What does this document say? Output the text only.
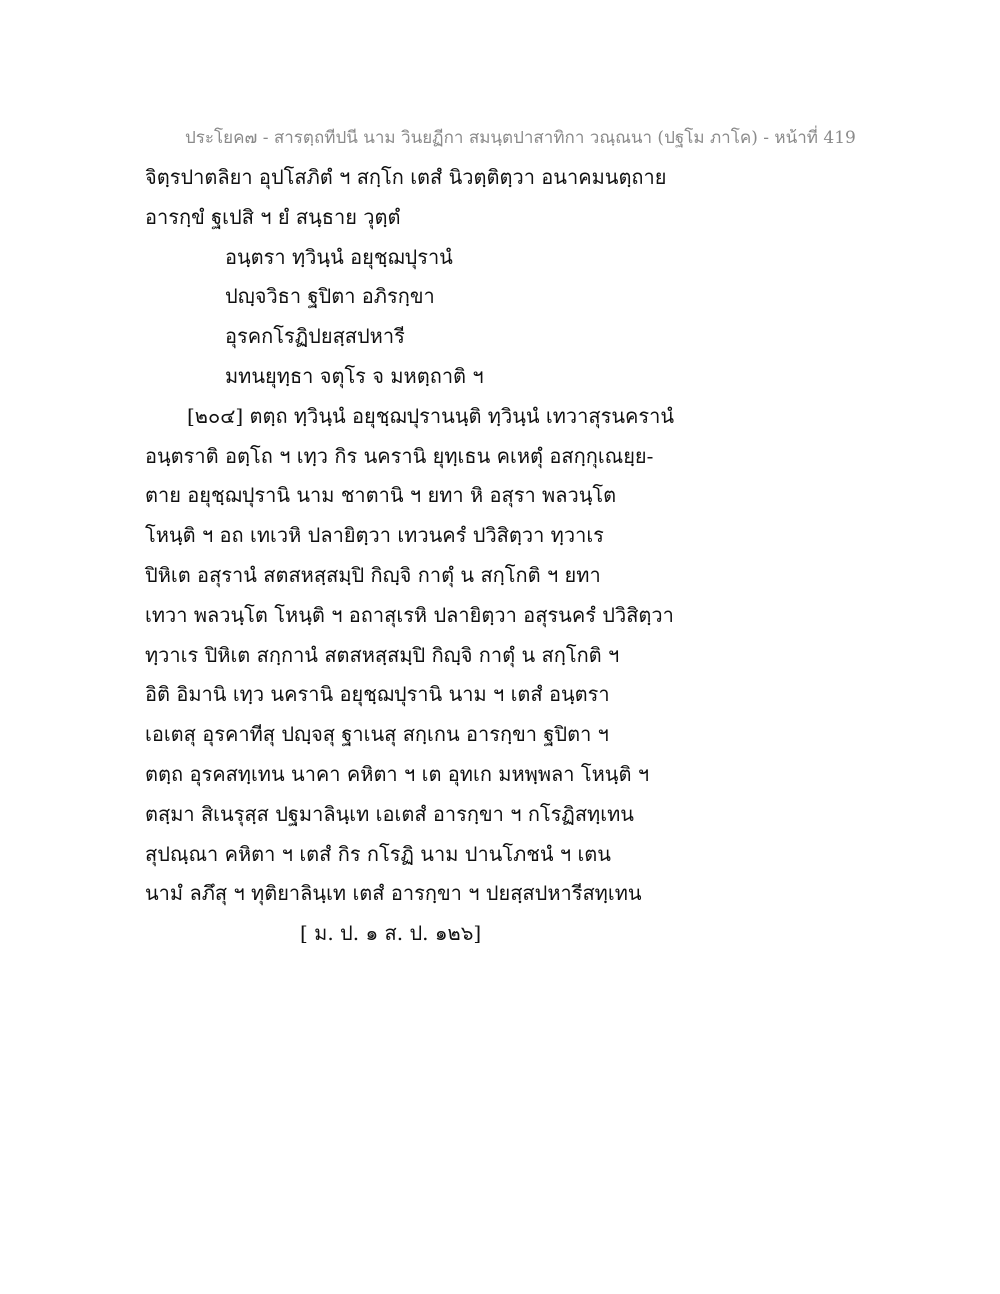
ประโยค๗ - สารตฺถทีปนี นาม วินยฏีกา สมนฺตปาสาทิกา วณฺณนา (ปฐโม ภาโค) - หน้าที่ 419
จิตฺรปาตลิยา อุปโสภิตํ ฯ สกฺโก เตสํ นิวตฺติตฺวา อนาคมนตฺถาย
อารกฺขํ ฐเปสิ ฯ ยํ สนฺธาย วุตฺตํ
อนฺตรา ทฺวินฺนํ อยุชฺฌปุรานํ
ปญฺจวิธา ฐปิตา อภิรกฺขา
อุรคกโรฏิปยสฺสปหารี
มทนยุทฺธา จตุโร จ มหตฺถาติ ฯ
[๒๐๔] ตตฺถ ทฺวินฺนํ อยุชฺฌปุรานนฺติ ทฺวินฺนํ เทวาสุรนครานํ
อนฺตราติ อตฺโถ ฯ เทฺว กิร นครานิ ยุทฺเธน คเหตุํ อสกฺกุเณยฺย-
ตาย อยุชฺฌปุรานิ นาม ชาตานิ ฯ ยทา หิ อสุรา พลวนฺโต
โหนฺติ ฯ อถ เทเวหิ ปลายิตฺวา เทวนครํ ปวิสิตฺวา ทฺวาเร
ปิหิเต อสุรานํ สตสหสฺสมฺปิ กิญฺจิ กาตุํ น สกฺโกติ ฯ ยทา
เทวา พลวนฺโต โหนฺติ ฯ อถาสุเรหิ ปลายิตฺวา อสุรนครํ ปวิสิตฺวา
ทฺวาเร ปิหิเต สกฺกานํ สตสหสฺสมฺปิ กิญฺจิ กาตุํ น สกฺโกติ ฯ
อิติ อิมานิ เทฺว นครานิ อยุชฺฌปุรานิ นาม ฯ เตสํ อนฺตรา
เอเตสุ อุรคาทีสุ ปญฺจสุ ฐาเนสุ สกฺเกน อารกฺขา ฐปิตา ฯ
ตตฺถ อุรคสทฺเทน นาคา คหิตา ฯ เต อุทเก มหพฺพลา โหนฺติ ฯ
ตสฺมา สิเนรุสฺส ปฐมาลินฺเท เอเตสํ อารกฺขา ฯ กโรฏิสทฺเทน
สุปณฺณา คหิตา ฯ เตสํ กิร กโรฏิ นาม ปานโภชนํ ฯ เตน
นามํ ลภึสุ ฯ ทุติยาลินฺเท เตสํ อารกฺขา ฯ ปยสฺสปหารีสทฺเทน
[ ม. ป. ๑ ส. ป. ๑๒๖]
